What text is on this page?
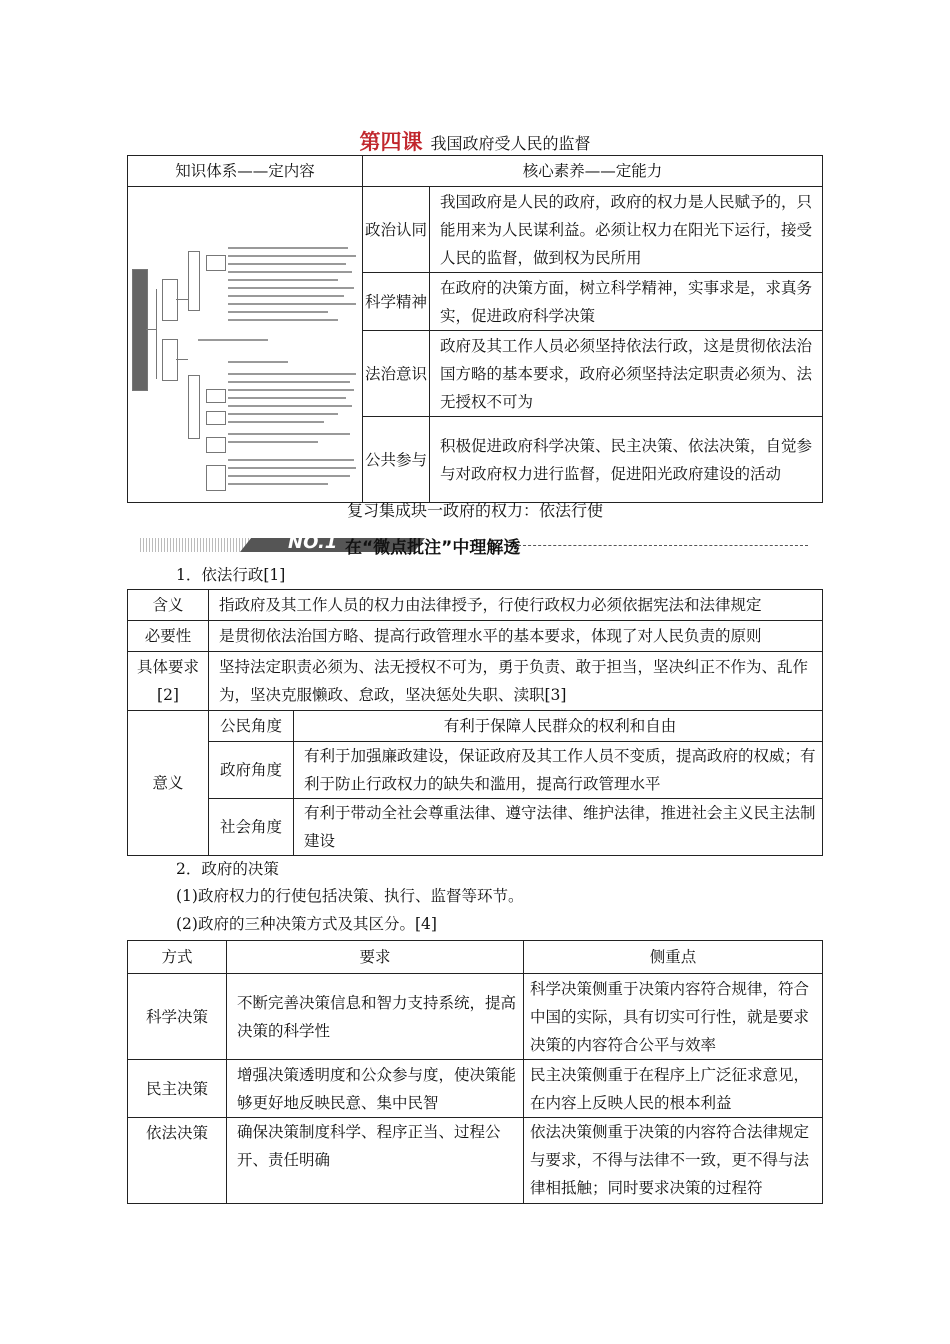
第四课 我国政府受人民的监督
知识体系——定内容	核心素养——定能力	

	政治认同	我国政府是人民的政府，政府的权力是人民赋予的，只能用来为人民谋利益。必须让权力在阳光下运行，接受人民的监督，做到权为民所用
	科学精神	在政府的决策方面，树立科学精神，实事求是，求真务实，促进政府科学决策
	法治意识	政府及其工作人员必须坚持依法行政，这是贯彻依法治国方略的基本要求，政府必须坚持法定职责必须为、法无授权不可为
	公共参与	积极促进政府科学决策、民主决策、依法决策，自觉参与对政府权力进行监督，促进阳光政府建设的活动
复习集成块一政府的权力：依法行使
NO.1 在“微点批注”中理解透
1．依法行政[1]
含义	指政府及其工作人员的权力由法律授予，行使行政权力必须依据宪法和法律规定	
必要性	是贯彻依法治国方略、提高行政管理水平的基本要求，体现了对人民负责的原则	
具体要求[2]	坚持法定职责必须为、法无授权不可为，勇于负责、敢于担当，坚决纠正不作为、乱作为，坚决克服懒政、怠政，坚决惩处失职、渎职[3]	
意义	公民角度	有利于保障人民群众的权利和自由
	政府角度	有利于加强廉政建设，保证政府及其工作人员不变质，提高政府的权威；有利于防止行政权力的缺失和滥用，提高行政管理水平
	社会角度	有利于带动全社会尊重法律、遵守法律、维护法律，推进社会主义民主法制建设
2．政府的决策
(1)政府权力的行使包括决策、执行、监督等环节。
(2)政府的三种决策方式及其区分。[4]
方式	要求	侧重点
科学决策	不断完善决策信息和智力支持系统，提高决策的科学性	科学决策侧重于决策内容符合规律，符合中国的实际，具有切实可行性，就是要求决策的内容符合公平与效率
民主决策	增强决策透明度和公众参与度，使决策能够更好地反映民意、集中民智	民主决策侧重于在程序上广泛征求意见，在内容上反映人民的根本利益
依法决策	确保决策制度科学、程序正当、过程公开、责任明确	依法决策侧重于决策的内容符合法律规定与要求，不得与法律不一致，更不得与法律相抵触；同时要求决策的过程符
